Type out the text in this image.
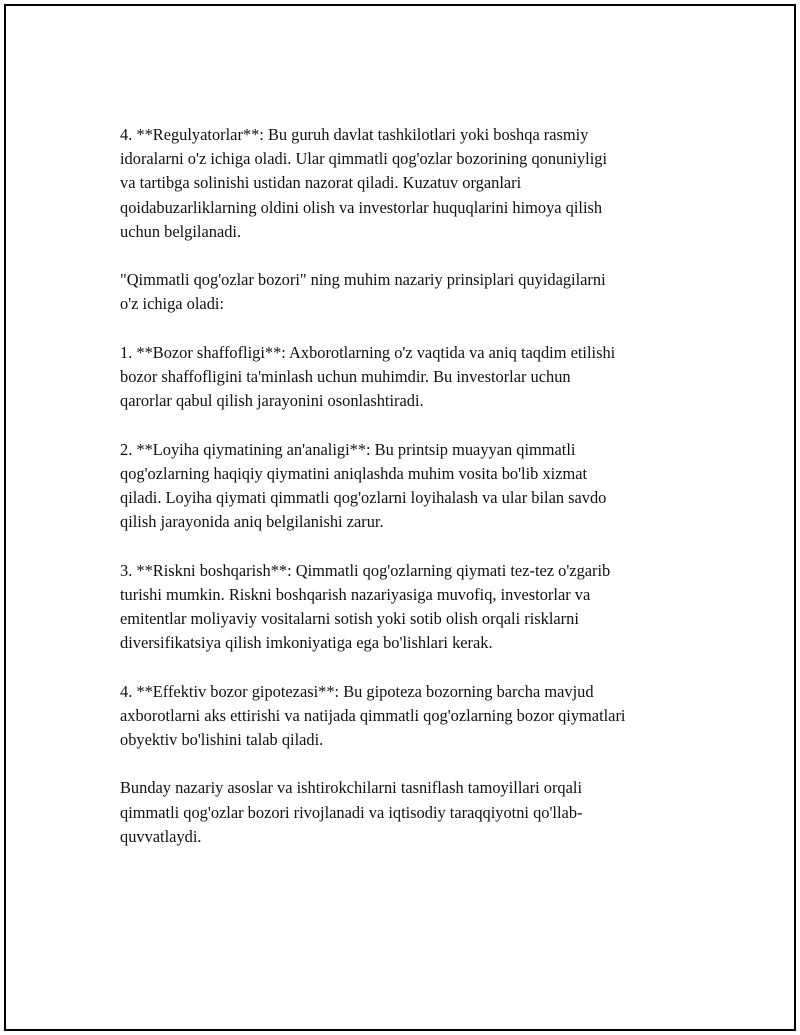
4. **Regulyatorlar**: Bu guruh davlat tashkilotlari yoki boshqa rasmiy
idoralarni o'z ichiga oladi. Ular qimmatli qog'ozlar bozorining qonuniyligi
va tartibga solinishi ustidan nazorat qiladi. Kuzatuv organlari
qoidabuzarliklarning oldini olish va investorlar huquqlarini himoya qilish
uchun belgilanadi.

"Qimmatli qog'ozlar bozori" ning muhim nazariy prinsiplari quyidagilarni
o'z ichiga oladi:

1. **Bozor shaffofligi**: Axborotlarning o'z vaqtida va aniq taqdim etilishi
bozor shaffofligini ta'minlash uchun muhimdir. Bu investorlar uchun
qarorlar qabul qilish jarayonini osonlashtiradi.

2. **Loyiha qiymatining an'analigi**: Bu printsip muayyan qimmatli
qog'ozlarning haqiqiy qiymatini aniqlashda muhim vosita bo'lib xizmat
qiladi. Loyiha qiymati qimmatli qog'ozlarni loyihalash va ular bilan savdo
qilish jarayonida aniq belgilanishi zarur.

3. **Riskni boshqarish**: Qimmatli qog'ozlarning qiymati tez-tez o'zgarib
turishi mumkin. Riskni boshqarish nazariyasiga muvofiq, investorlar va
emitentlar moliyaviy vositalarni sotish yoki sotib olish orqali risklarni
diversifikatsiya qilish imkoniyatiga ega bo'lishlari kerak.

4. **Effektiv bozor gipotezasi**: Bu gipoteza bozorning barcha mavjud
axborotlarni aks ettirishi va natijada qimmatli qog'ozlarning bozor qiymatlari
obyektiv bo'lishini talab qiladi.

Bunday nazariy asoslar va ishtirokchilarni tasniflash tamoyillari orqali
qimmatli qog'ozlar bozori rivojlanadi va iqtisodiy taraqqiyotni qo'llab-
quvvatlaydi.
